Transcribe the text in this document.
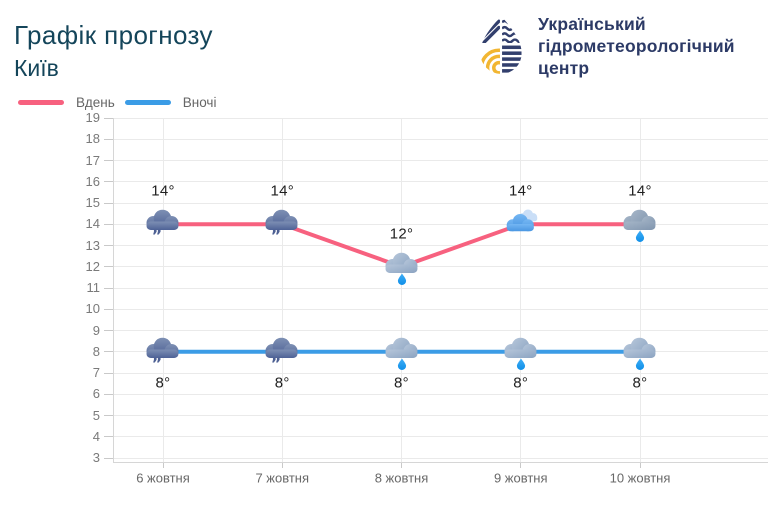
Графік прогнозу
Київ
Український
гідрометеорологічний
центр
Вдень	Вночі
19
18
17
16
15
14
13
12
11
10
9
8
7
6
5
4
3
6 жовтня	7 жовтня	8 жовтня	9 жовтня	10 жовтня
14°	14°
12°
14°	14°
8°	8°	8°	8°	8°
